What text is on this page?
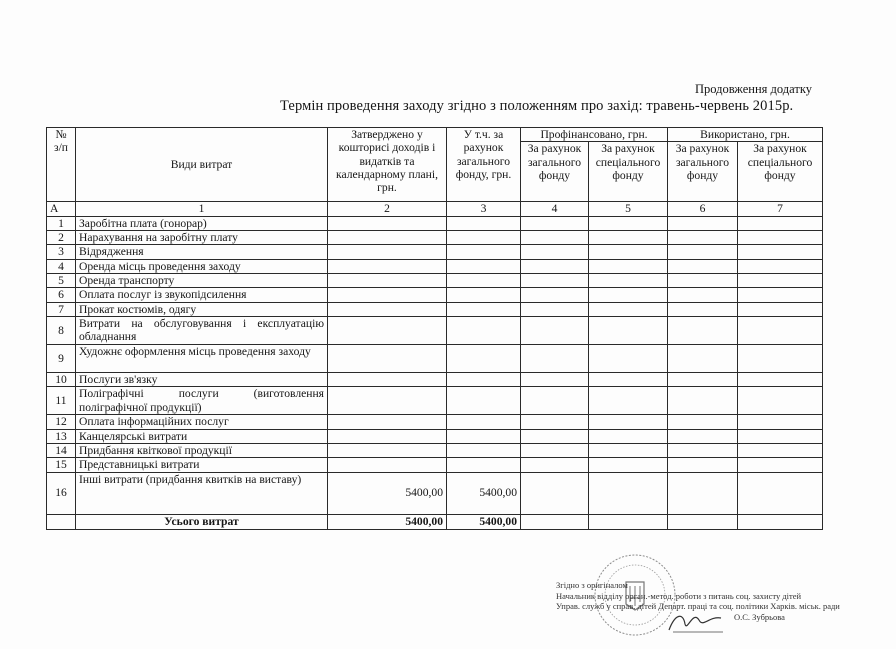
Продовження додатку
Термін проведення заходу згідно з положенням про захід: травень-червень 2015р.
№
з/п	Види витрат	Затверджено у кошторисі доходів і видатків та календарному плані, грн.	У т.ч. за рахунок загального фонду, грн.	Профінансовано, грн.		Використано, грн.	
				За рахунок загального фонду	За рахунок спеціального фонду	За рахунок загального фонду	За рахунок спеціального фонду
А	1	2	3	4	5	6	7
1	Заробітна плата (гонорар)						
2	Нарахування на заробітну плату						
3	Відрядження						
4	Оренда місць проведення заходу						
5	Оренда транспорту						
6	Оплата послуг із звукопідсилення						
7	Прокат костюмів, одягу						
8	Витрати на обслуговування і експлуатацію обладнання						
9	Художнє оформлення місць проведення заходу						
10	Послуги зв'язку						
11	Поліграфічні послуги (виготовлення поліграфічної продукції)						
12	Оплата інформаційних послуг						
13	Канцелярські витрати						
14	Придбання квіткової продукції						
15	Представницькі витрати						
16	Інші витрати (придбання квитків на виставу)	5400,00	5400,00				
	Усього витрат	5400,00	5400,00				
Згідно з оригіналом
Начальник відділу орган.-метод. роботи з питань соц. захисту дітей
Управ. служб у справ. дітей Департ. праці та соц. політики Харків. міськ. ради
О.С. Зубрьова
